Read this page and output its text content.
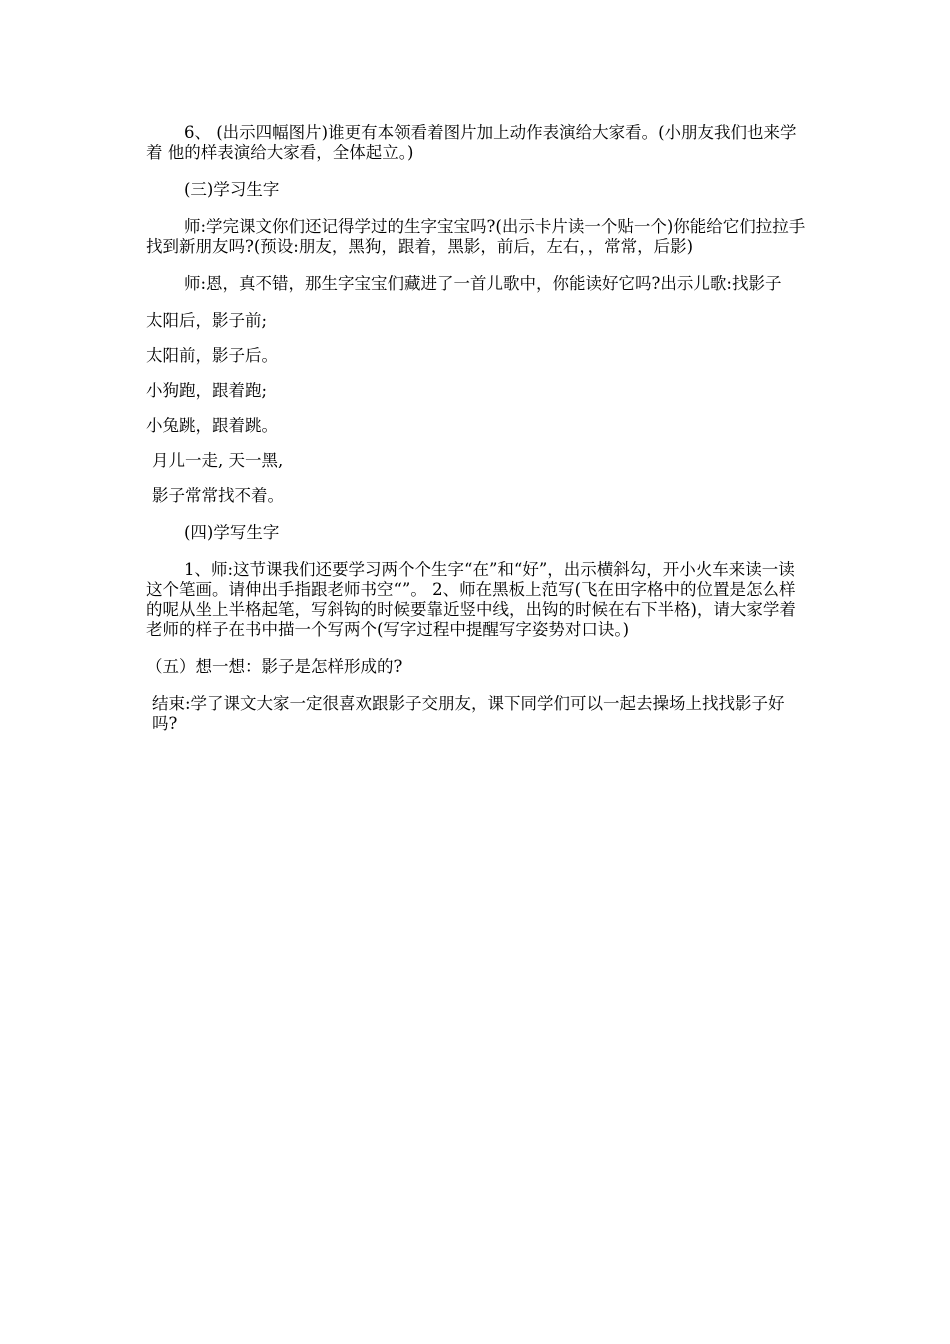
6、 (出示四幅图片)谁更有本领看着图片加上动作表演给大家看。(小朋友我们也来学着 他的样表演给大家看，全体起立。)

(三)学习生字

师:学完课文你们还记得学过的生字宝宝吗?(出示卡片读一个贴一个)你能给它们拉拉手找到新朋友吗?(预设:朋友，黑狗，跟着，黑影，前后，左右，，常常，后影)

师:恩，真不错，那生字宝宝们藏进了一首儿歌中，你能读好它吗?出示儿歌:找影子

太阳后，影子前;

太阳前，影子后。

小狗跑，跟着跑;

小兔跳，跟着跳。

月儿一走, 天一黑,

影子常常找不着。

(四)学写生字

1、师:这节课我们还要学习两个个生字“在”和“好”，出示横斜勾，开小火车来读一读这个笔画。请伸出手指跟老师书空“”。 2、师在黑板上范写(飞在田字格中的位置是怎么样的呢从坐上半格起笔，写斜钩的时候要靠近竖中线，出钩的时候在右下半格)，请大家学着老师的样子在书中描一个写两个(写字过程中提醒写字姿势对口诀。)

（五）想一想：影子是怎样形成的?

结束:学了课文大家一定很喜欢跟影子交朋友，课下同学们可以一起去操场上找找影子好吗?
